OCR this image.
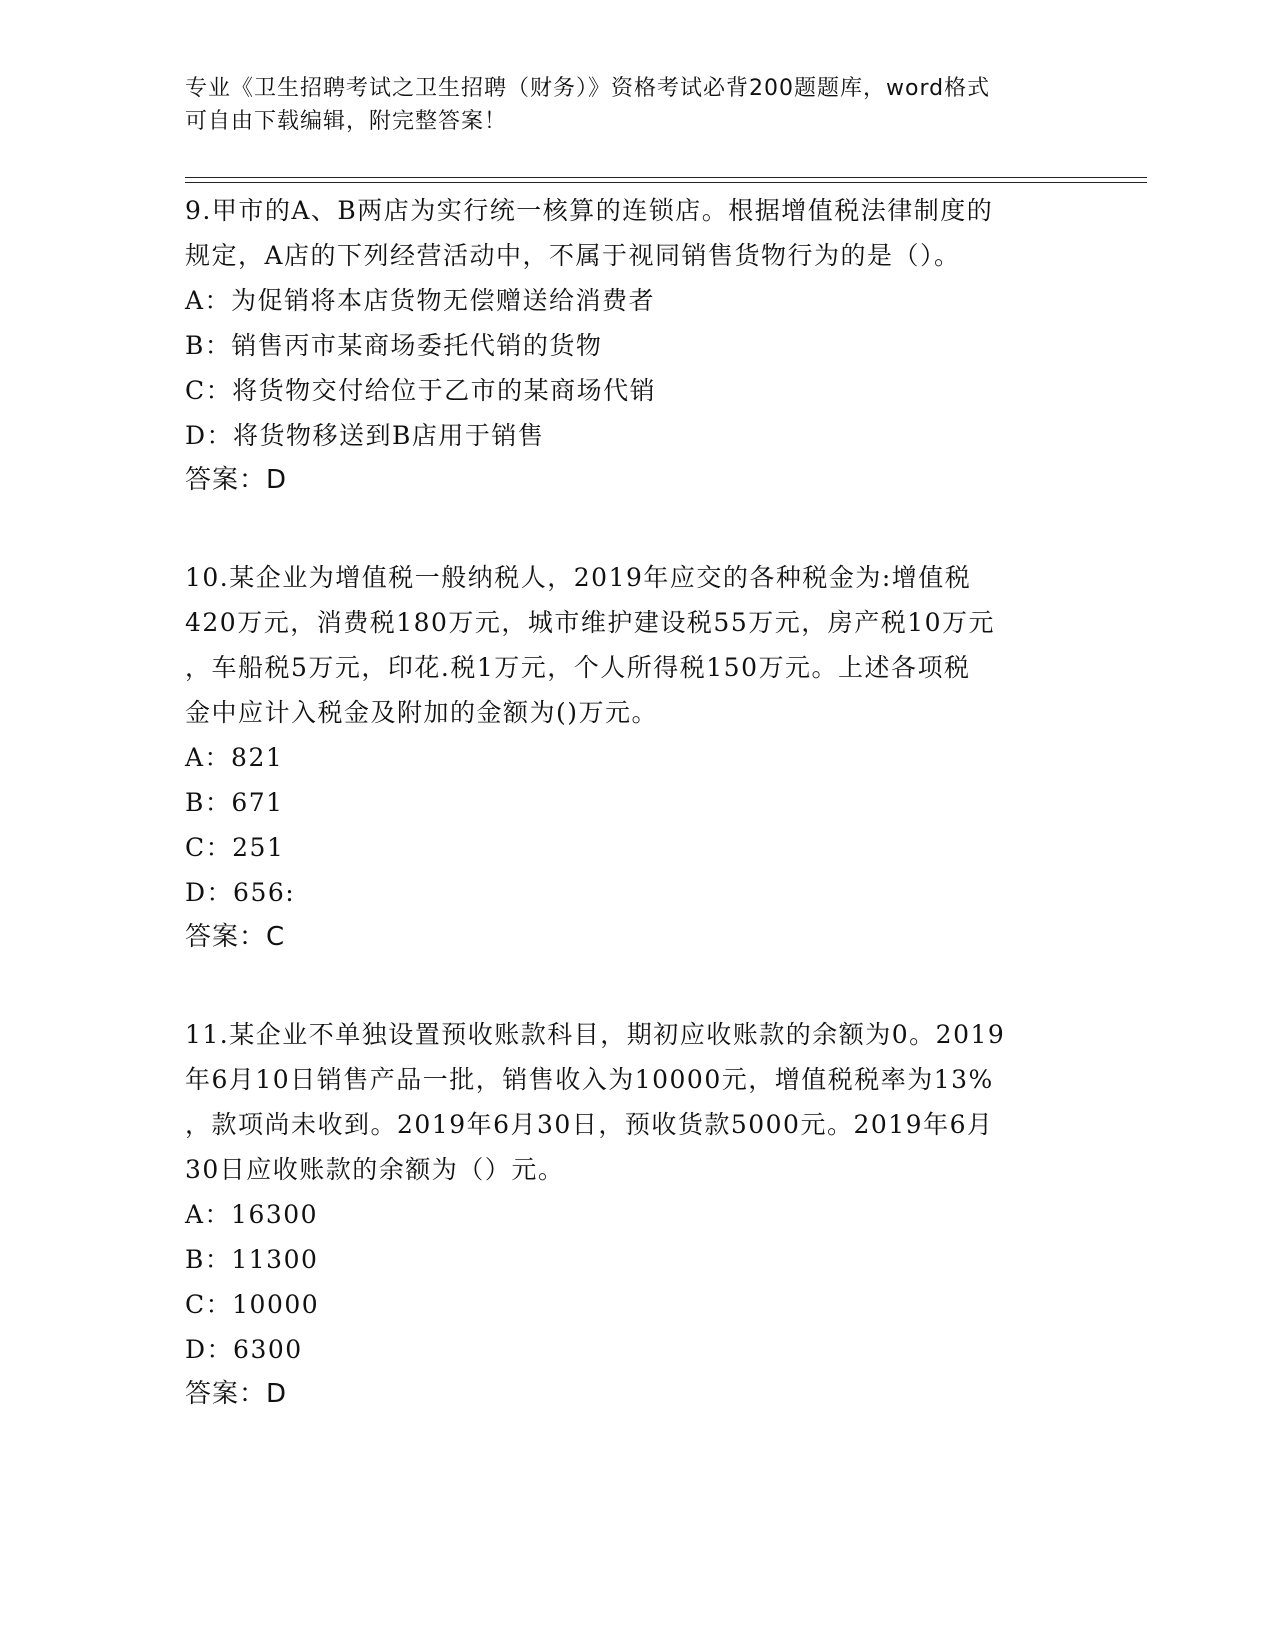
专业《卫生招聘考试之卫生招聘（财务）》资格考试必背200题题库，word格式
可自由下载编辑，附完整答案！
9.甲市的A、B两店为实行统一核算的连锁店。根据增值税法律制度的
规定，A店的下列经营活动中，不属于视同销售货物行为的是（）。
A：为促销将本店货物无偿赠送给消费者
B：销售丙市某商场委托代销的货物
C：将货物交付给位于乙市的某商场代销
D：将货物移送到B店用于销售
答案：D
10.某企业为增值税一般纳税人，2019年应交的各种税金为:增值税
420万元，消费税180万元，城市维护建设税55万元，房产税10万元
，车船税5万元，印花.税1万元，个人所得税150万元。上述各项税
金中应计入税金及附加的金额为()万元。
A：821
B：671
C：251
D：656:
答案：C
11.某企业不单独设置预收账款科目，期初应收账款的余额为0。2019
年6月10日销售产品一批，销售收入为10000元，增值税税率为13%
，款项尚未收到。2019年6月30日，预收货款5000元。2019年6月
30日应收账款的余额为（）元。
A：16300
B：11300
C：10000
D：6300
答案：D
